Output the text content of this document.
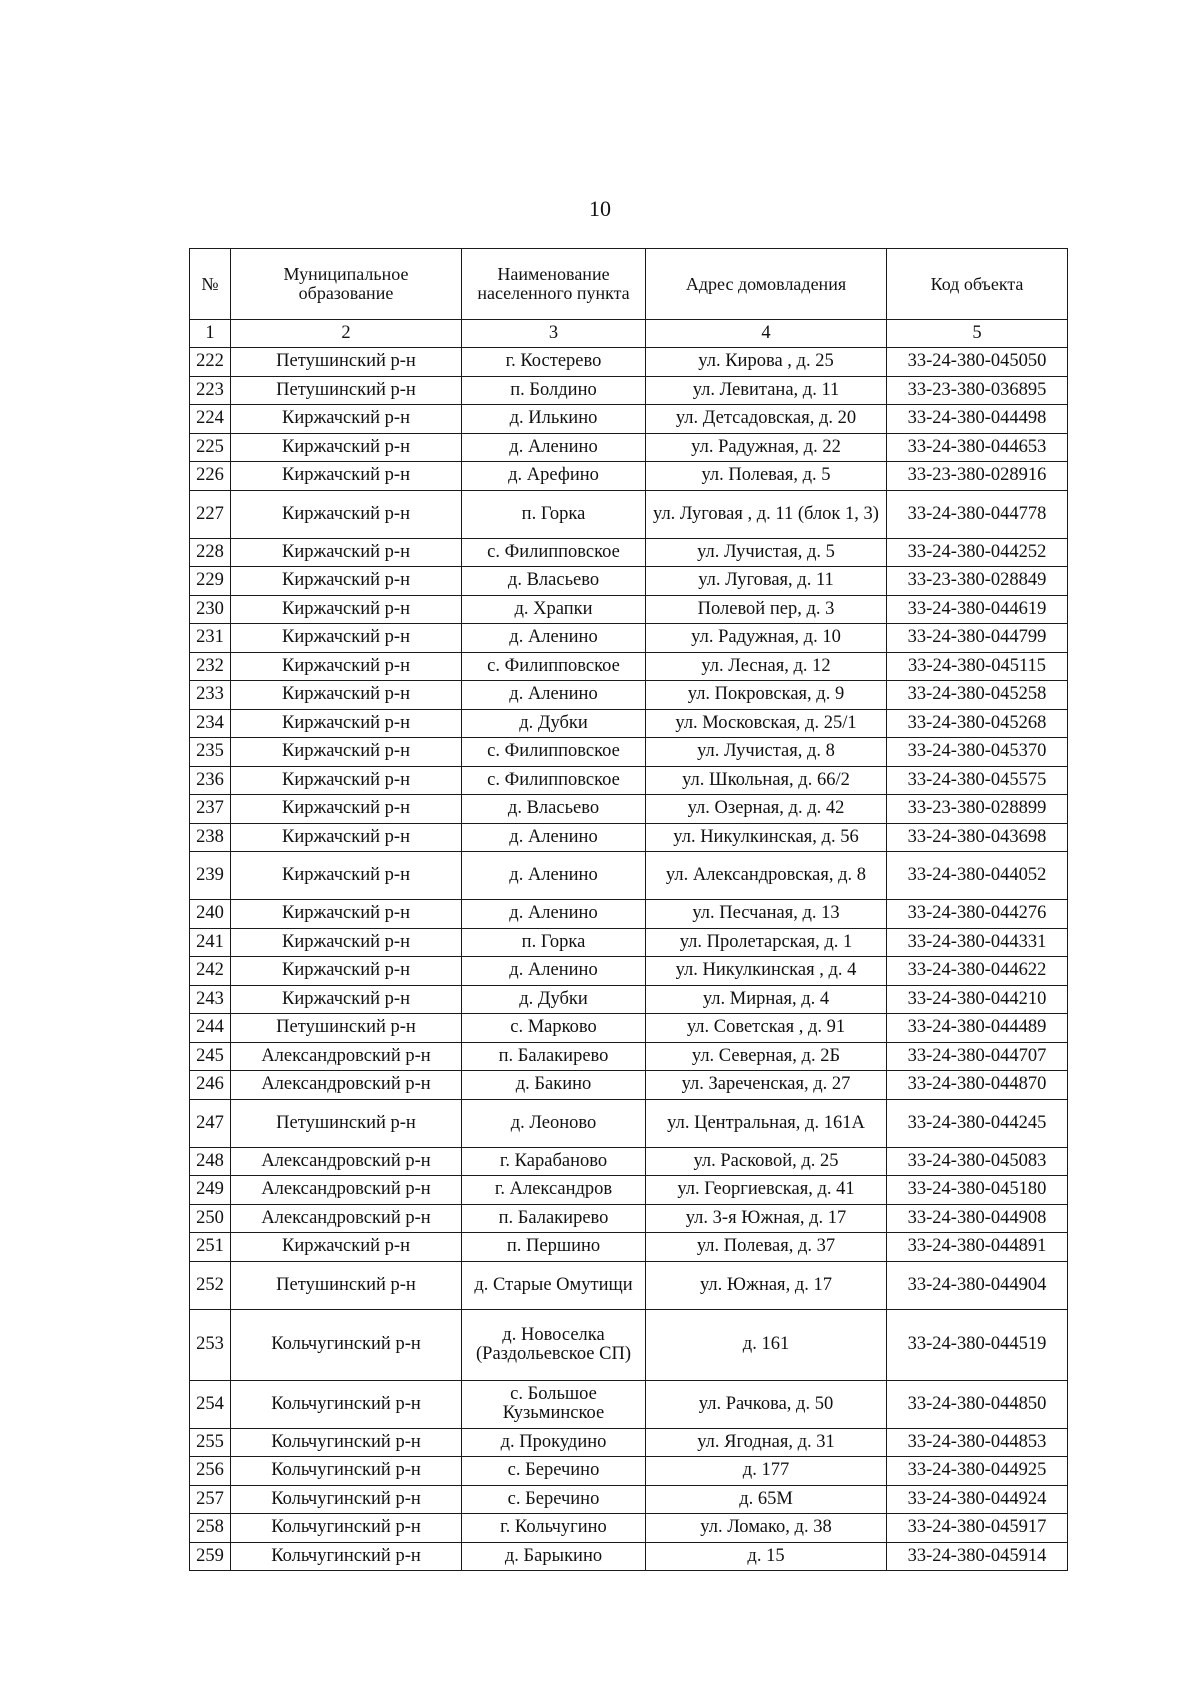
10
№	Муниципальное образование	Наименование населенного пункта	Адрес домовладения	Код объекта
1	2	3	4	5
222	Петушинский р-н	г. Костерево	ул. Кирова , д. 25	33-24-380-045050
223	Петушинский р-н	п. Болдино	ул. Левитана, д. 11	33-23-380-036895
224	Киржачский р-н	д. Илькино	ул. Детсадовская, д. 20	33-24-380-044498
225	Киржачский р-н	д. Аленино	ул. Радужная, д. 22	33-24-380-044653
226	Киржачский р-н	д. Арефино	ул. Полевая, д. 5	33-23-380-028916
227	Киржачский р-н	п. Горка	ул. Луговая , д. 11 (блок 1, 3)	33-24-380-044778
228	Киржачский р-н	с. Филипповское	ул. Лучистая, д. 5	33-24-380-044252
229	Киржачский р-н	д. Власьево	ул. Луговая, д. 11	33-23-380-028849
230	Киржачский р-н	д. Храпки	Полевой пер, д. 3	33-24-380-044619
231	Киржачский р-н	д. Аленино	ул. Радужная, д. 10	33-24-380-044799
232	Киржачский р-н	с. Филипповское	ул. Лесная, д. 12	33-24-380-045115
233	Киржачский р-н	д. Аленино	ул. Покровская, д. 9	33-24-380-045258
234	Киржачский р-н	д. Дубки	ул. Московская, д. 25/1	33-24-380-045268
235	Киржачский р-н	с. Филипповское	ул. Лучистая, д. 8	33-24-380-045370
236	Киржачский р-н	с. Филипповское	ул. Школьная, д. 66/2	33-24-380-045575
237	Киржачский р-н	д. Власьево	ул. Озерная, д. д. 42	33-23-380-028899
238	Киржачский р-н	д. Аленино	ул. Никулкинская, д. 56	33-24-380-043698
239	Киржачский р-н	д. Аленино	ул. Александровская, д. 8	33-24-380-044052
240	Киржачский р-н	д. Аленино	ул. Песчаная, д. 13	33-24-380-044276
241	Киржачский р-н	п. Горка	ул. Пролетарская, д. 1	33-24-380-044331
242	Киржачский р-н	д. Аленино	ул. Никулкинская , д. 4	33-24-380-044622
243	Киржачский р-н	д. Дубки	ул. Мирная, д. 4	33-24-380-044210
244	Петушинский р-н	с. Марково	ул. Советская , д. 91	33-24-380-044489
245	Александровский р-н	п. Балакирево	ул. Северная, д. 2Б	33-24-380-044707
246	Александровский р-н	д. Бакино	ул. Зареченская, д. 27	33-24-380-044870
247	Петушинский р-н	д. Леоново	ул. Центральная, д. 161А	33-24-380-044245
248	Александровский р-н	г. Карабаново	ул. Расковой, д. 25	33-24-380-045083
249	Александровский р-н	г. Александров	ул. Георгиевская, д. 41	33-24-380-045180
250	Александровский р-н	п. Балакирево	ул. 3-я Южная, д. 17	33-24-380-044908
251	Киржачский р-н	п. Першино	ул. Полевая, д. 37	33-24-380-044891
252	Петушинский р-н	д. Старые Омутищи	ул. Южная, д. 17	33-24-380-044904
253	Кольчугинский р-н	д. Новоселка (Раздольевское СП)	д. 161	33-24-380-044519
254	Кольчугинский р-н	с. Большое Кузьминское	ул. Рачкова, д. 50	33-24-380-044850
255	Кольчугинский р-н	д. Прокудино	ул. Ягодная, д. 31	33-24-380-044853
256	Кольчугинский р-н	с. Беречино	д. 177	33-24-380-044925
257	Кольчугинский р-н	с. Беречино	д. 65М	33-24-380-044924
258	Кольчугинский р-н	г. Кольчугино	ул. Ломако, д. 38	33-24-380-045917
259	Кольчугинский р-н	д. Барыкино	д. 15	33-24-380-045914
